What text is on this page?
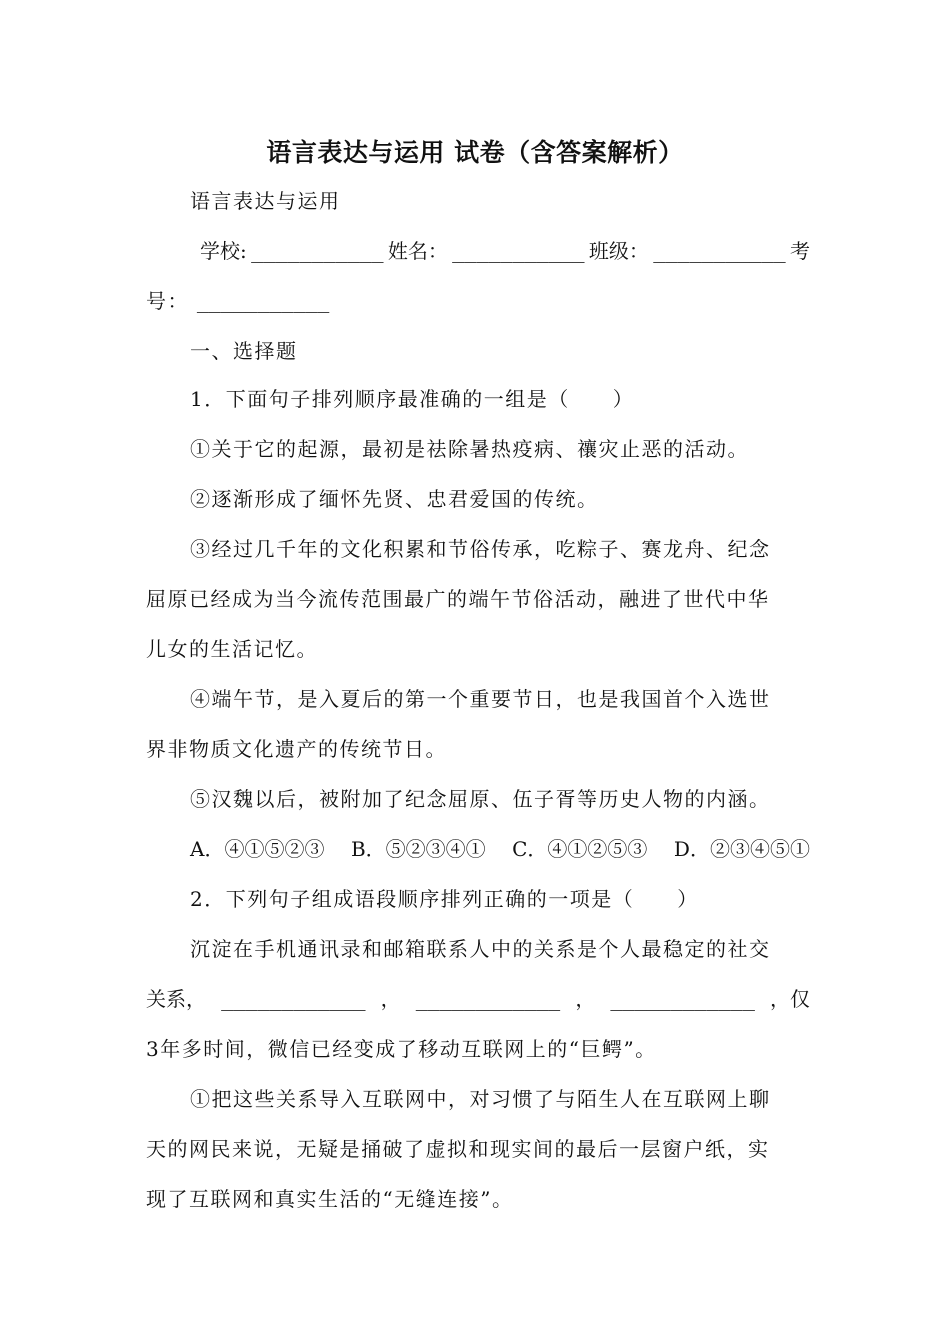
语言表达与运用 试卷（含答案解析）
语言表达与运用
学校: ___________ 姓名： ___________ 班级： ___________ 考
号： ___________
一、选择题
1．下面句子排列顺序最准确的一组是（　　）
①关于它的起源，最初是祛除暑热疫病、禳灾止恶的活动。
②逐渐形成了缅怀先贤、忠君爱国的传统。
③经过几千年的文化积累和节俗传承，吃粽子、赛龙舟、纪念
屈原已经成为当今流传范围最广的端午节俗活动，融进了世代中华
儿女的生活记忆。
④端午节，是入夏后的第一个重要节日，也是我国首个入选世
界非物质文化遗产的传统节日。
⑤汉魏以后，被附加了纪念屈原、伍子胥等历史人物的内涵。
A．④①⑤②③ B．⑤②③④① C．④①②⑤③ D．②③④⑤①
2．下列句子组成语段顺序排列正确的一项是（　　）
沉淀在手机通讯录和邮箱联系人中的关系是个人最稳定的社交
关系， ____________ ， ____________ ， ____________ ，仅
3年多时间，微信已经变成了移动互联网上的“巨鳄”。
①把这些关系导入互联网中，对习惯了与陌生人在互联网上聊
天的网民来说，无疑是捅破了虚拟和现实间的最后一层窗户纸，实
现了互联网和真实生活的“无缝连接”。
